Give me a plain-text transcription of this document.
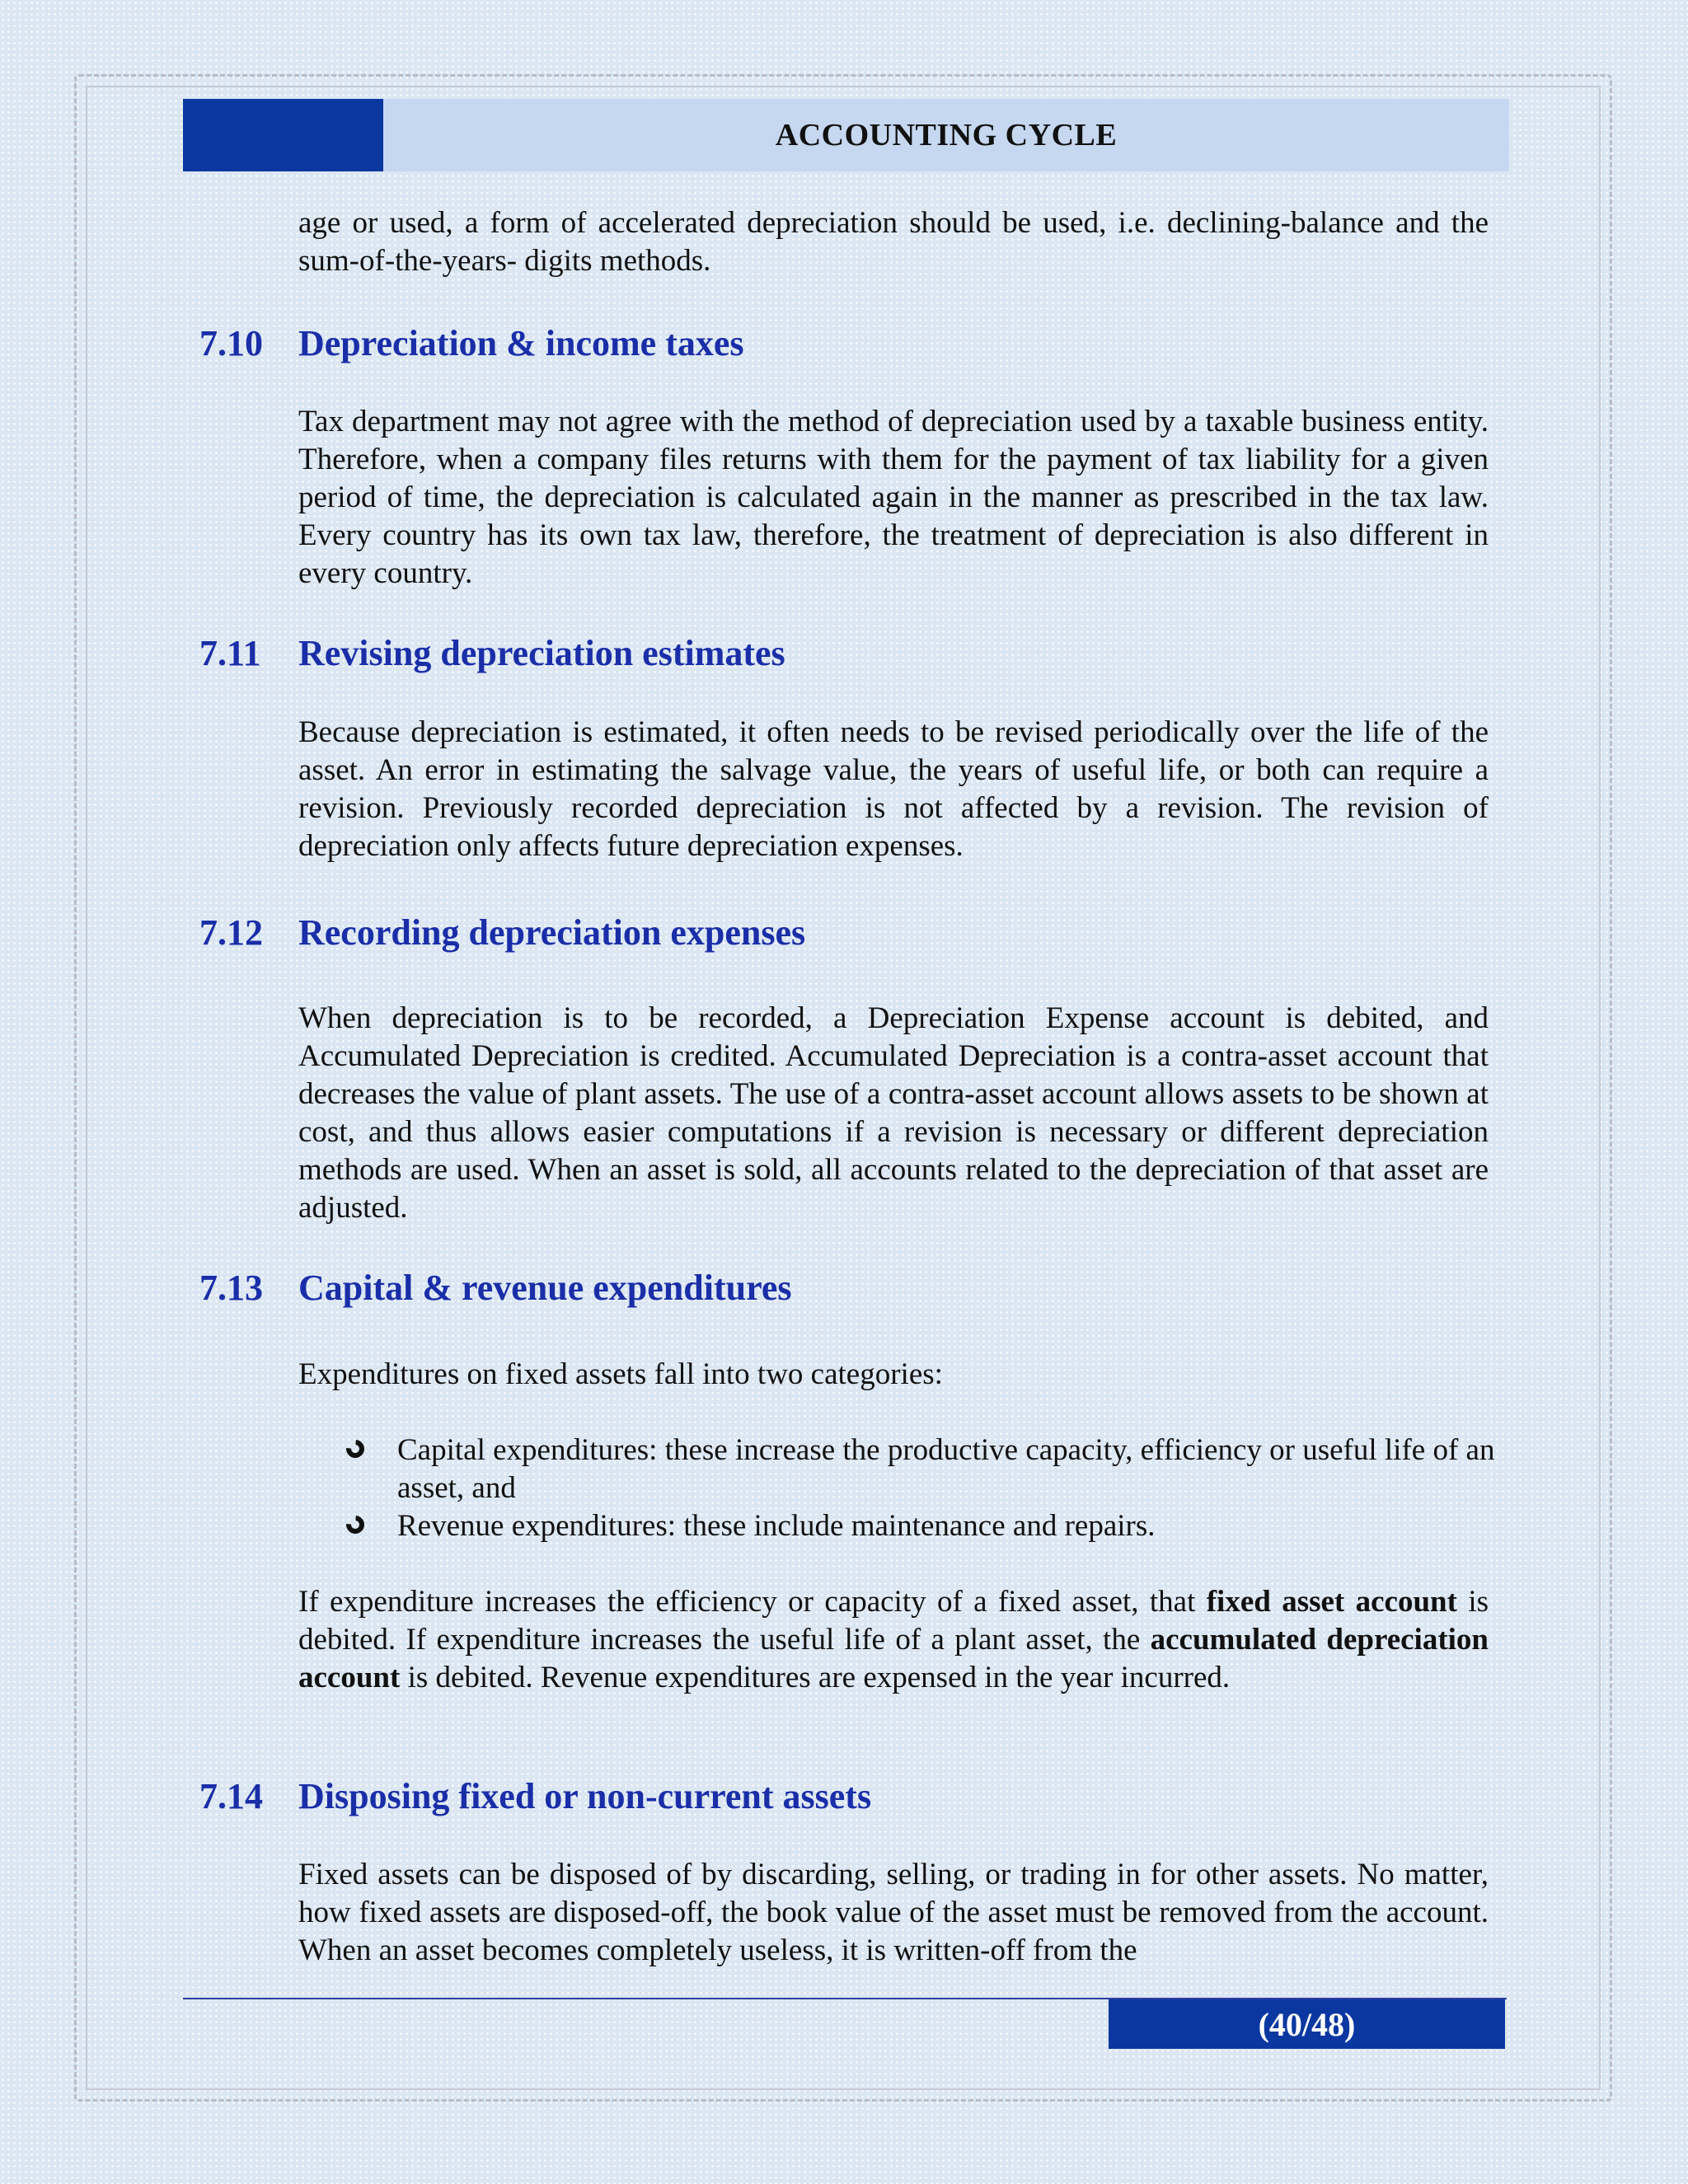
ACCOUNTING CYCLE

age or used, a form of accelerated depreciation should be used, i.e. declining-balance and the sum-of-the-years- digits methods.

7.10 Depreciation & income taxes

Tax department may not agree with the method of depreciation used by a taxable business entity. Therefore, when a company files returns with them for the payment of tax liability for a given period of time, the depreciation is calculated again in the manner as prescribed in the tax law. Every country has its own tax law, therefore, the treatment of depreciation is also different in every country.

7.11	Revising depreciation estimates

Because depreciation is estimated, it often needs to be revised periodically over the life of the asset. An error in estimating the salvage value, the years of useful life, or both can require a revision. Previously recorded depreciation is not affected by a revision. The revision of depreciation only affects future depreciation expenses.

7.12 Recording depreciation expenses

When depreciation is to be recorded, a Depreciation Expense account is debited, and Accumulated Depreciation is credited. Accumulated Depreciation is a contra-asset account that decreases the value of plant assets. The use of a contra-asset account allows assets to be shown at cost, and thus allows easier computations if a revision is necessary or different depreciation methods are used. When an asset is sold, all accounts related to the depreciation of that asset are adjusted.

7.13 Capital & revenue expenditures

Expenditures on fixed assets fall into two categories:

Capital expenditures: these increase the productive capacity, efficiency or useful life of an asset, and
Revenue expenditures: these include maintenance and repairs.

If expenditure increases the efficiency or capacity of a fixed asset, that fixed asset account is debited. If expenditure increases the useful life of a plant asset, the accumulated depreciation account is debited. Revenue expenditures are expensed in the year incurred.

7.14 Disposing fixed or non-current assets

Fixed assets can be disposed of by discarding, selling, or trading in for other assets. No matter, how fixed assets are disposed-off, the book value of the asset must be removed from the account. When an asset becomes completely useless, it is written-off from the

(40/48)
